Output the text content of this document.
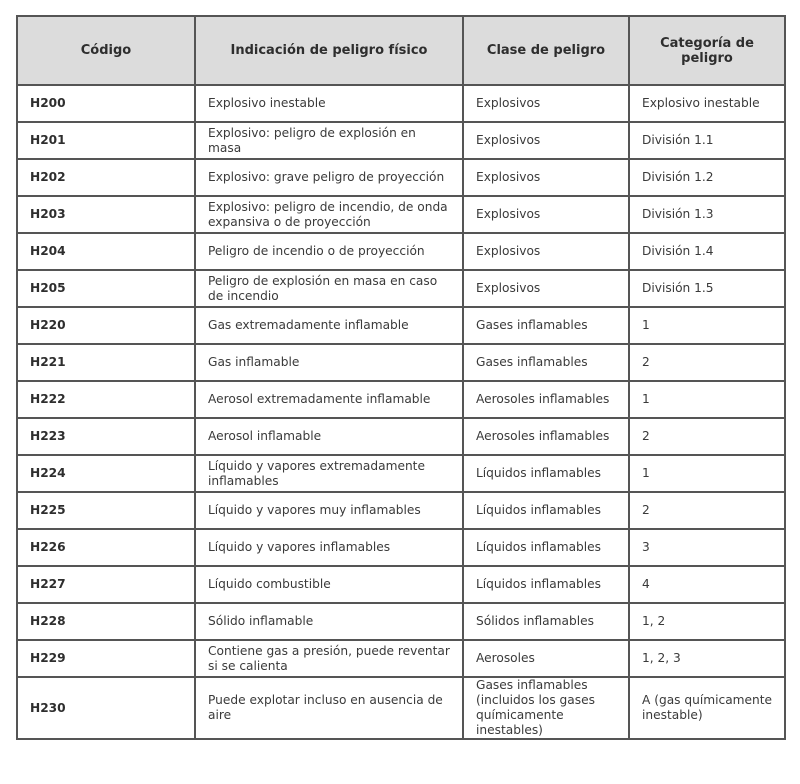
Código	Indicación de peligro físico	Clase de peligro	Categoría de peligro
H200	Explosivo inestable	Explosivos	Explosivo inestable
H201	Explosivo: peligro de explosión en masa	Explosivos	División 1.1
H202	Explosivo: grave peligro de proyección	Explosivos	División 1.2
H203	Explosivo: peligro de incendio, de onda expansiva o de proyección	Explosivos	División 1.3
H204	Peligro de incendio o de proyección	Explosivos	División 1.4
H205	Peligro de explosión en masa en caso de incendio	Explosivos	División 1.5
H220	Gas extremadamente inflamable	Gases inflamables	1
H221	Gas inflamable	Gases inflamables	2
H222	Aerosol extremadamente inflamable	Aerosoles inflamables	1
H223	Aerosol inflamable	Aerosoles inflamables	2
H224	Líquido y vapores extremadamente inflamables	Líquidos inflamables	1
H225	Líquido y vapores muy inflamables	Líquidos inflamables	2
H226	Líquido y vapores inflamables	Líquidos inflamables	3
H227	Líquido combustible	Líquidos inflamables	4
H228	Sólido inflamable	Sólidos inflamables	1, 2
H229	Contiene gas a presión, puede reventar si se calienta	Aerosoles	1, 2, 3
H230	Puede explotar incluso en ausencia de aire	Gases inflamables (incluidos los gases químicamente inestables)	A (gas químicamente inestable)
